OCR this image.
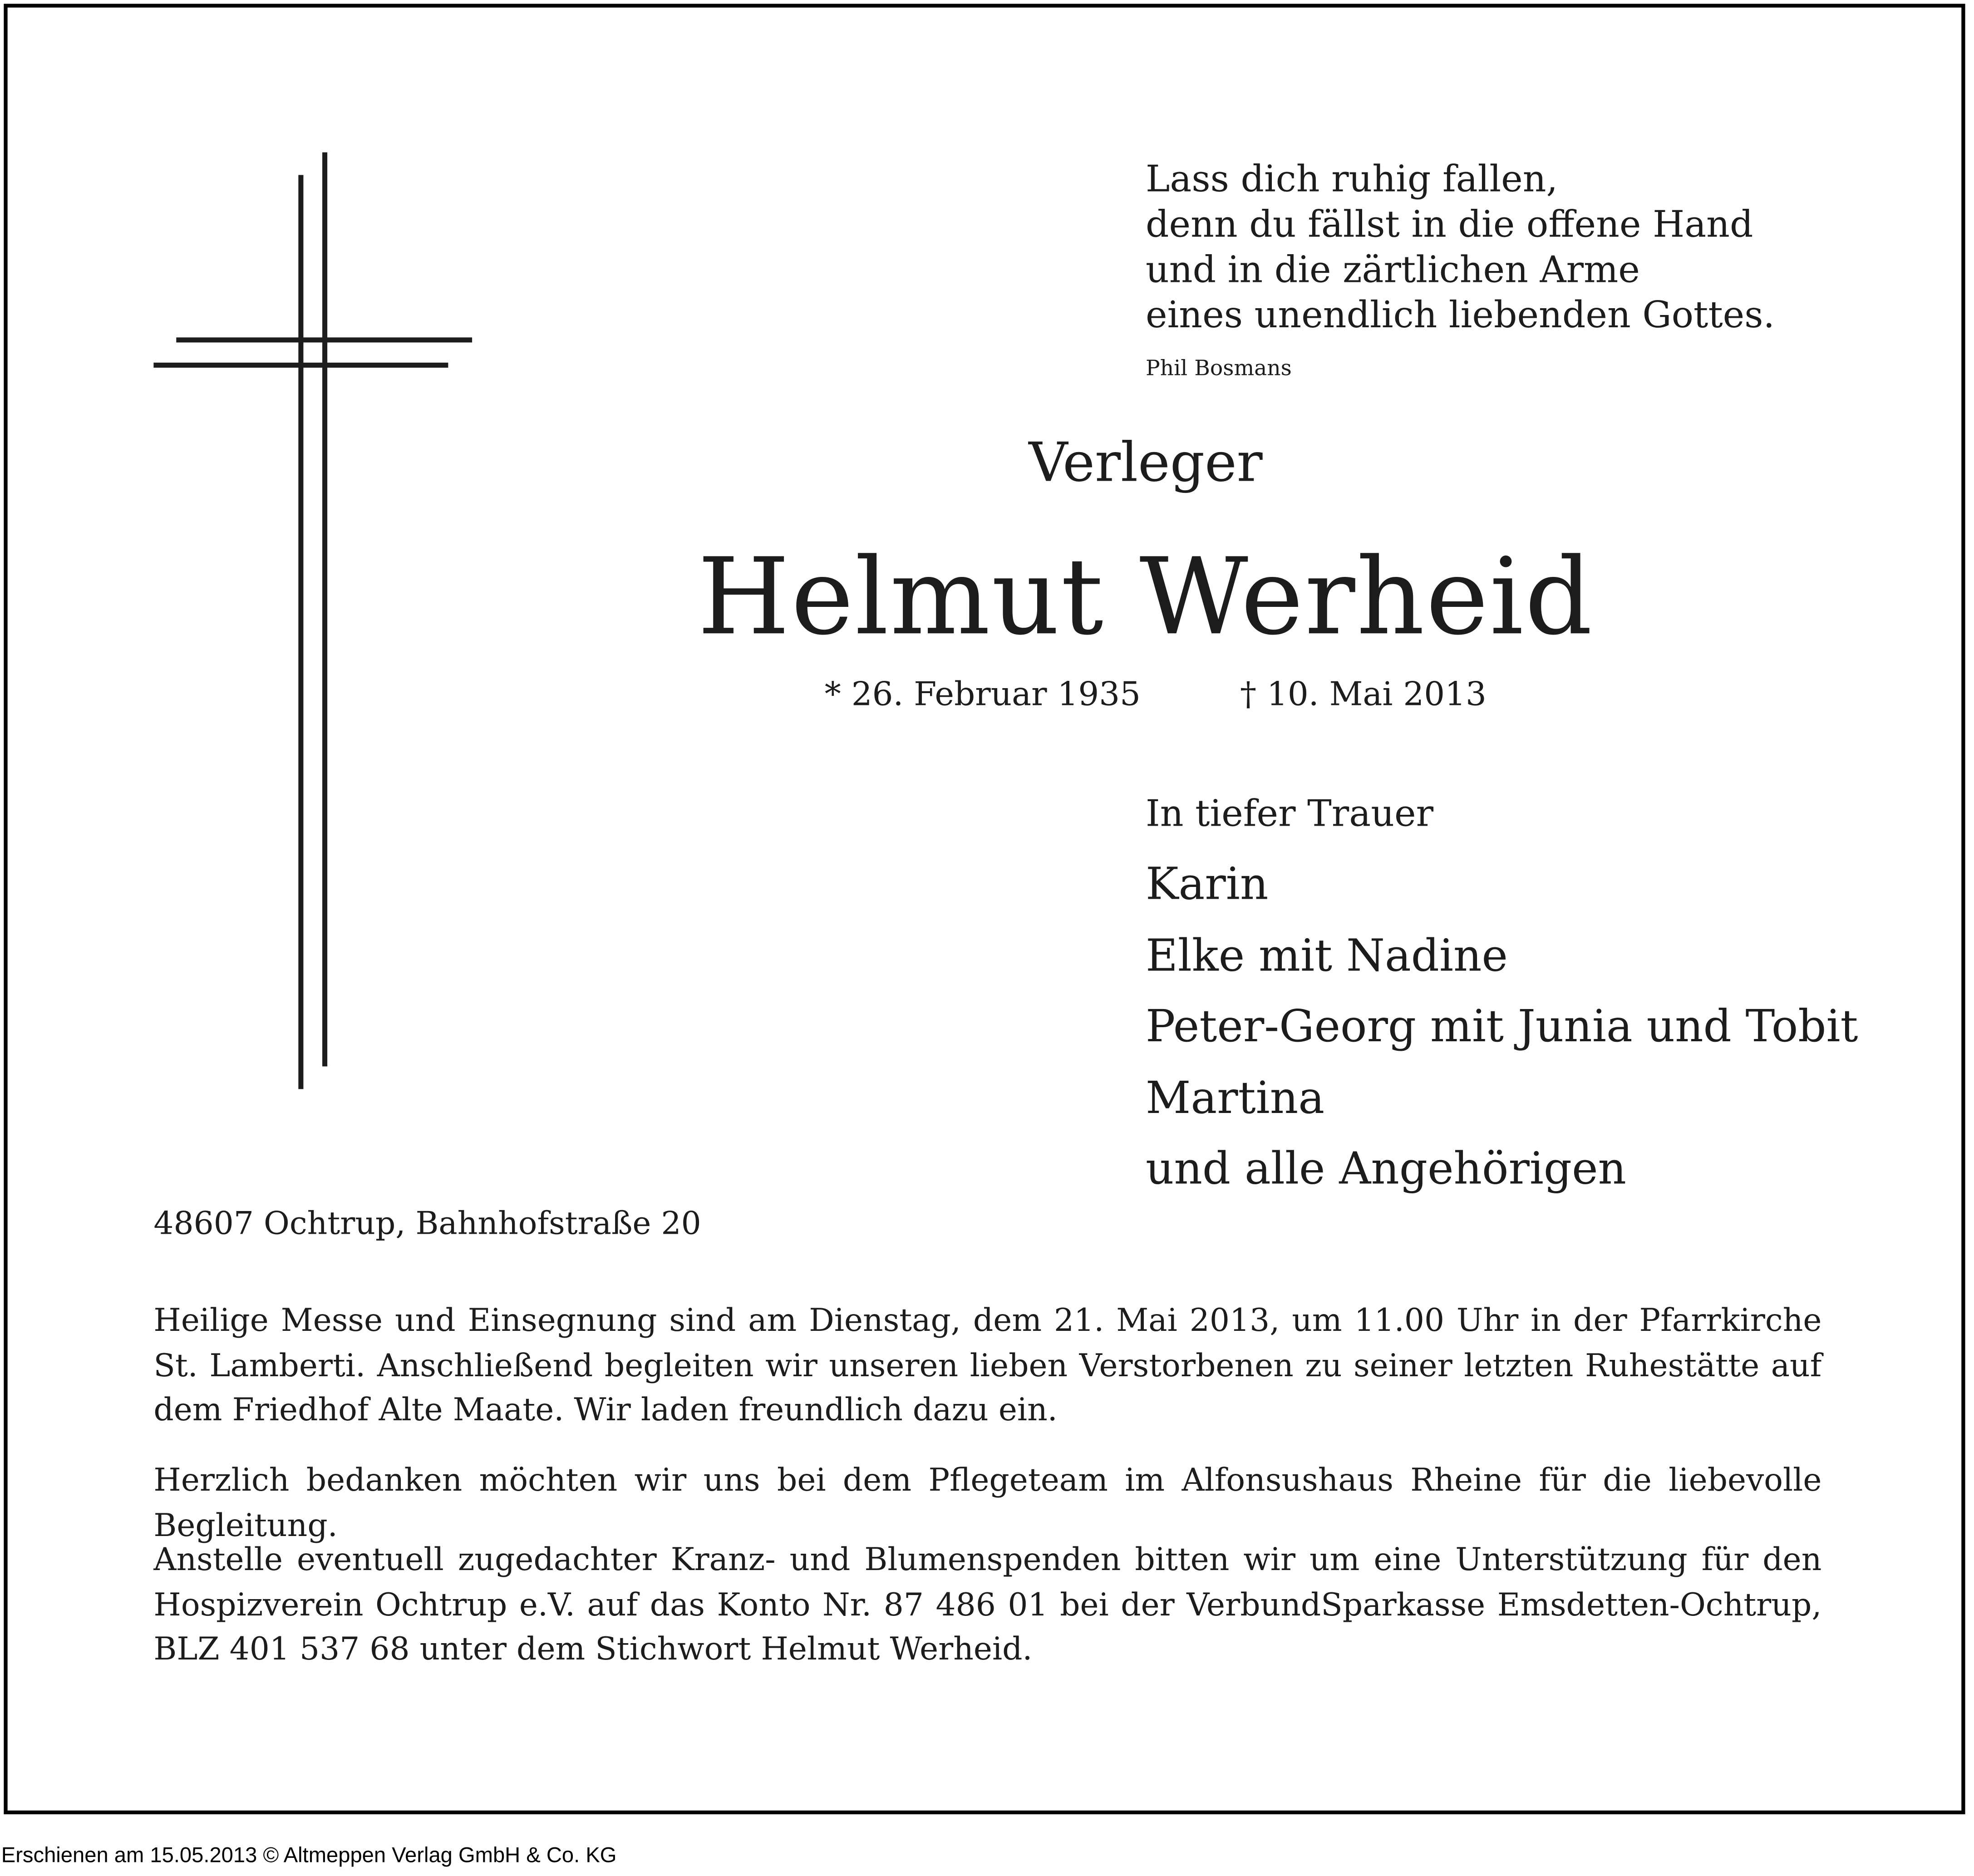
Lass dich ruhig fallen,
denn du fällst in die offene Hand
und in die zärtlichen Arme
eines unendlich liebenden Gottes.
Phil Bosmans
Verleger
Helmut Werheid
* 26. Februar 1935	† 10. Mai 2013
In tiefer Trauer
Karin
Elke mit Nadine
Peter-Georg mit Junia und Tobit
Martina
und alle Angehörigen
48607 Ochtrup, Bahnhofstraße 20
Heilige Messe und Einsegnung sind am Dienstag, dem 21. Mai 2013, um 11.00 Uhr in der Pfarrkirche St. Lamberti. Anschließend begleiten wir unseren lieben Verstorbenen zu seiner letzten Ruhestätte auf dem Friedhof Alte Maate. Wir laden freundlich dazu ein.
Herzlich bedanken möchten wir uns bei dem Pflegeteam im Alfonsushaus Rheine für die liebevolle Begleitung.
Anstelle eventuell zugedachter Kranz- und Blumenspenden bitten wir um eine Unterstützung für den Hospizverein Ochtrup e.V. auf das Konto Nr. 87 486 01 bei der VerbundSparkasse Emsdetten-Ochtrup, BLZ 401 537 68 unter dem Stichwort Helmut Werheid.
Erschienen am 15.05.2013 © Altmeppen Verlag GmbH & Co. KG
